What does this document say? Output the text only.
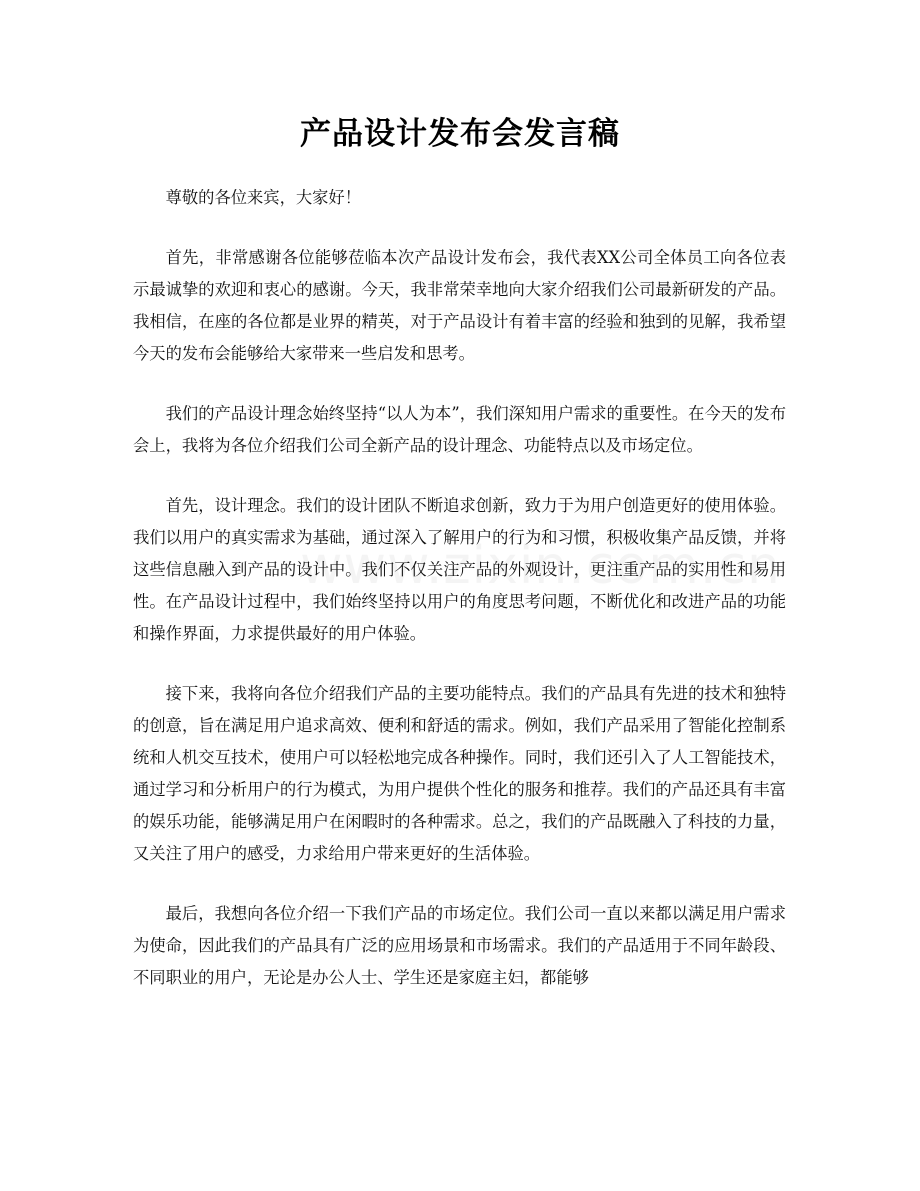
产品设计发布会发言稿

尊敬的各位来宾，大家好！

首先，非常感谢各位能够莅临本次产品设计发布会，我代表XX公司全体员工向各位表示最诚挚的欢迎和衷心的感谢。今天，我非常荣幸地向大家介绍我们公司最新研发的产品。我相信，在座的各位都是业界的精英，对于产品设计有着丰富的经验和独到的见解，我希望今天的发布会能够给大家带来一些启发和思考。

我们的产品设计理念始终坚持“以人为本”，我们深知用户需求的重要性。在今天的发布会上，我将为各位介绍我们公司全新产品的设计理念、功能特点以及市场定位。

首先，设计理念。我们的设计团队不断追求创新，致力于为用户创造更好的使用体验。我们以用户的真实需求为基础，通过深入了解用户的行为和习惯，积极收集产品反馈，并将这些信息融入到产品的设计中。我们不仅关注产品的外观设计，更注重产品的实用性和易用性。在产品设计过程中，我们始终坚持以用户的角度思考问题，不断优化和改进产品的功能和操作界面，力求提供最好的用户体验。

接下来，我将向各位介绍我们产品的主要功能特点。我们的产品具有先进的技术和独特的创意，旨在满足用户追求高效、便利和舒适的需求。例如，我们产品采用了智能化控制系统和人机交互技术，使用户可以轻松地完成各种操作。同时，我们还引入了人工智能技术，通过学习和分析用户的行为模式，为用户提供个性化的服务和推荐。我们的产品还具有丰富的娱乐功能，能够满足用户在闲暇时的各种需求。总之，我们的产品既融入了科技的力量，又关注了用户的感受，力求给用户带来更好的生活体验。

最后，我想向各位介绍一下我们产品的市场定位。我们公司一直以来都以满足用户需求为使命，因此我们的产品具有广泛的应用场景和市场需求。我们的产品适用于不同年龄段、不同职业的用户，无论是办公人士、学生还是家庭主妇，都能够
